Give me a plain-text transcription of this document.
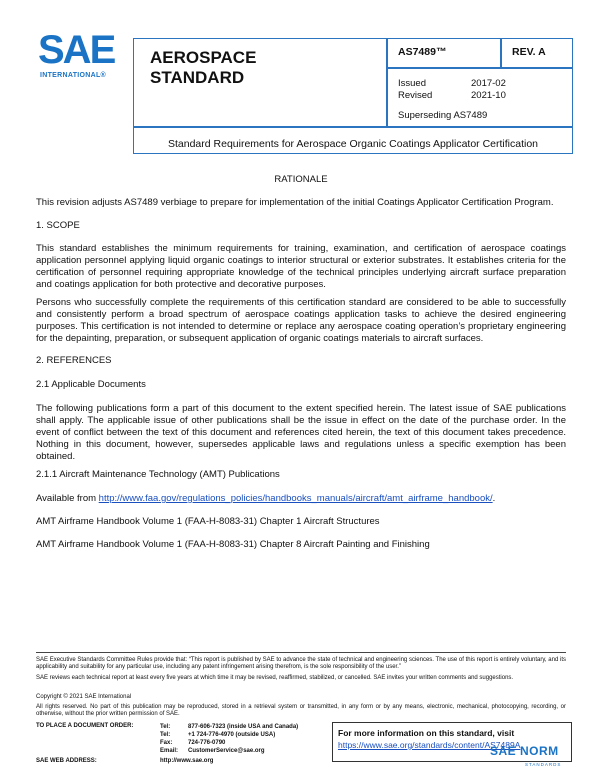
SAE
INTERNATIONAL®
AEROSPACE
STANDARD
AS7489™	REV. A
Issued	2017-02
Revised	2021-10
Superseding AS7489
Standard Requirements for Aerospace Organic Coatings Applicator Certification
RATIONALE
This revision adjusts AS7489 verbiage to prepare for implementation of the initial Coatings Applicator Certification Program.
1. SCOPE
This standard establishes the minimum requirements for training, examination, and certification of aerospace coatings application personnel applying liquid organic coatings to interior structural or exterior substrates. It establishes criteria for the certification of personnel requiring appropriate knowledge of the technical principles underlying aircraft surface preparation and coatings application for both protective and decorative purposes.
Persons who successfully complete the requirements of this certification standard are considered to be able to successfully and consistently perform a broad spectrum of aerospace coatings application tasks to achieve the desired engineering purposes. This certification is not intended to determine or replace any aerospace coating operation’s proprietary engineering for the depainting, preparation, or subsequent application of organic coatings materials to aircraft surfaces.
2. REFERENCES
2.1 Applicable Documents
The following publications form a part of this document to the extent specified herein. The latest issue of SAE publications shall apply. The applicable issue of other publications shall be the issue in effect on the date of the purchase order. In the event of conflict between the text of this document and references cited herein, the text of this document takes precedence. Nothing in this document, however, supersedes applicable laws and regulations unless a specific exemption has been obtained.
2.1.1 Aircraft Maintenance Technology (AMT) Publications
Available from http://www.faa.gov/regulations_policies/handbooks_manuals/aircraft/amt_airframe_handbook/.
AMT Airframe Handbook Volume 1 (FAA-H-8083-31) Chapter 1 Aircraft Structures
AMT Airframe Handbook Volume 1 (FAA-H-8083-31) Chapter 8 Aircraft Painting and Finishing
SAE Executive Standards Committee Rules provide that: “This report is published by SAE to advance the state of technical and engineering sciences. The use of this report is entirely voluntary, and its applicability and suitability for any particular use, including any patent infringement arising therefrom, is the sole responsibility of the user.”
SAE reviews each technical report at least every five years at which time it may be revised, reaffirmed, stabilized, or cancelled. SAE invites your written comments and suggestions.
Copyright © 2021 SAE International
All rights reserved. No part of this publication may be reproduced, stored in a retrieval system or transmitted, in any form or by any means, electronic, mechanical, photocopying, recording, or otherwise, without the prior written permission of SAE.
TO PLACE A DOCUMENT ORDER:	Tel:	877-606-7323 (inside USA and Canada)
Tel:	+1 724-776-4970 (outside USA)
Fax:	724-776-0790
Email: CustomerService@sae.org
SAE WEB ADDRESS:	http://www.sae.org
For more information on this standard, visit
https://www.sae.org/standards/content/AS7489A
SAE NORM
STANDARDS
